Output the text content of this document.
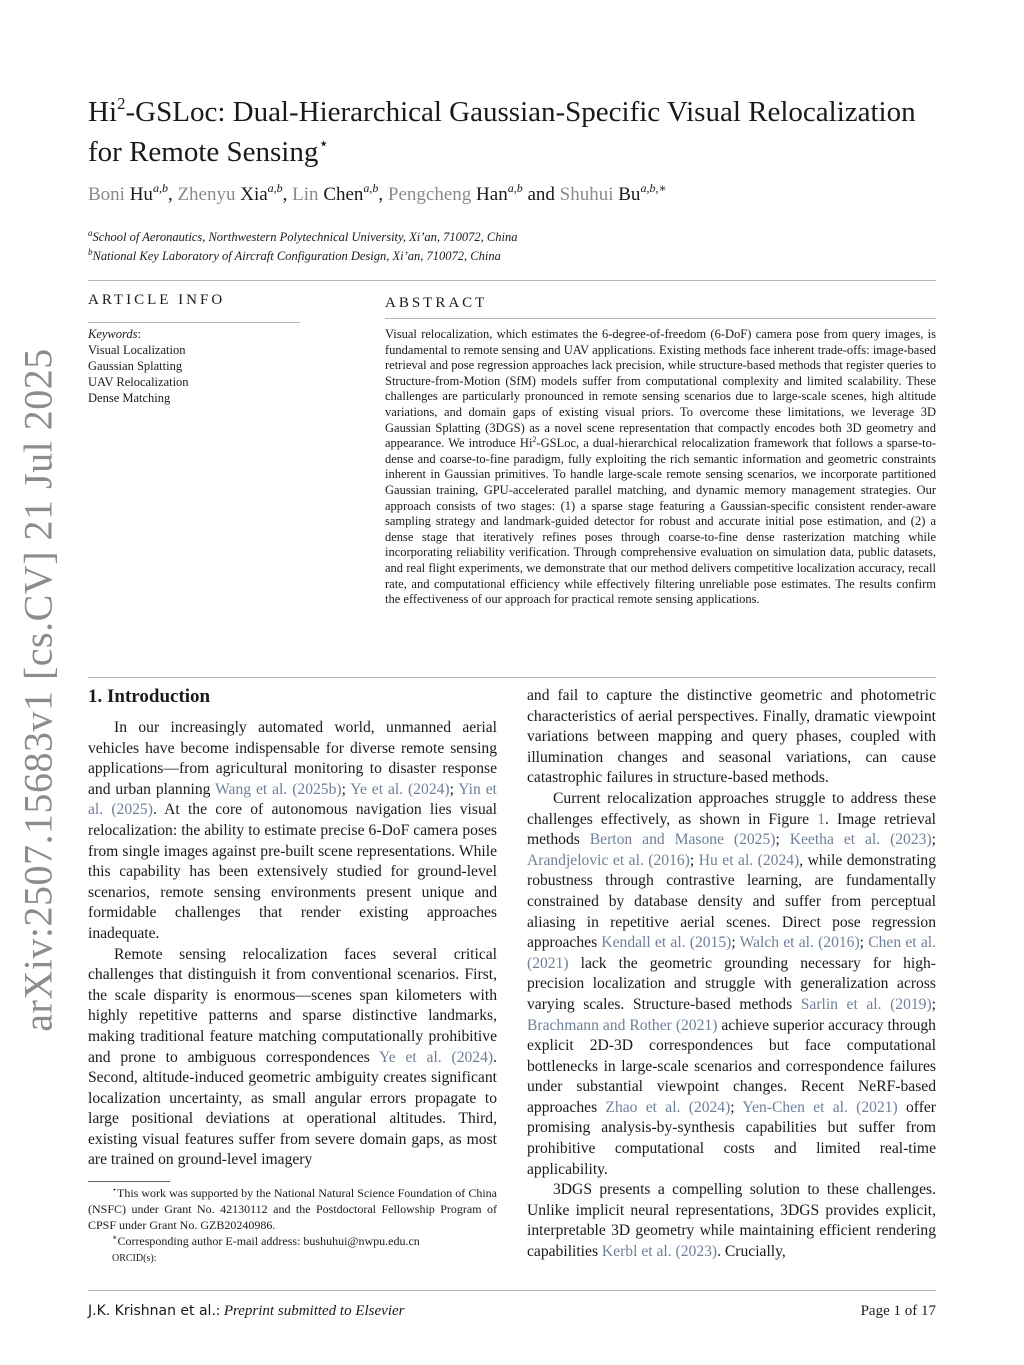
arXiv:2507.15683v1 [cs.CV] 21 Jul 2025
Hi$^2$-GSLoc: Dual-Hierarchical Gaussian-Specific Visual Relocalization
for Remote Sensing⋆
Boni Hu$^{a,b}$, Zhenyu Xia$^{a,b}$, Lin Chen$^{a,b}$, Pengcheng Han$^{a,b}$ and Shuhui $Bu^{a,b,∗}$
$^a$School of Aeronautics, Northwestern Polytechnical University, Xi’an, 710072, China
$^b$National Key Laboratory of Aircraft Configuration Design, Xi’an, 710072, China
ARTICLE INFO
Keywords:
Visual Localization
Gaussian Splatting
UAV Relocalization
Dense Matching
ABSTRACT

Visual relocalization, which estimates the 6-degree-of-freedom (6-DoF) camera pose from query images, is fundamental to remote sensing and UAV applications. Existing methods face inherent trade-offs: image-based retrieval and pose regression approaches lack precision, while structure-based methods that register queries to Structure-from-Motion (SfM) models suffer from computational complexity and limited scalability. These challenges are particularly pronounced in remote sensing scenarios due to large-scale scenes, high altitude variations, and domain gaps of existing visual priors. To overcome these limitations, we leverage 3D Gaussian Splatting (3DGS) as a novel scene representation that compactly encodes both 3D geometry and appearance. We introduce Hi$^2$-GSLoc, a dual-hierarchical relocalization framework that follows a sparse-to-dense and coarse-to-fine paradigm, fully exploiting the rich semantic information and geometric constraints inherent in Gaussian primitives. To handle large-scale remote sensing scenarios, we incorporate partitioned Gaussian training, GPU-accelerated parallel matching, and dynamic memory management strategies. Our approach consists of two stages: (1) a sparse stage featuring a Gaussian-specific consistent render-aware sampling strategy and landmark-guided detector for robust and accurate initial pose estimation, and (2) a dense stage that iteratively refines poses through coarse-to-fine dense rasterization matching while incorporating reliability verification. Through comprehensive evaluation on simulation data, public datasets, and real flight experiments, we demonstrate that our method delivers competitive localization accuracy, recall rate, and computational efficiency while effectively filtering unreliable pose estimates. The results confirm the effectiveness of our approach for practical remote sensing applications.

1. Introduction

In our increasingly automated world, unmanned aerial vehicles have become indispensable for diverse remote sensing applications—from agricultural monitoring to disaster response and urban planning Wang et al. (2025b); Ye et al. (2024); Yin et al. (2025). At the core of autonomous navigation lies visual relocalization: the ability to estimate precise 6-DoF camera poses from single images against pre-built scene representations. While this capability has been extensively studied for ground-level scenarios, remote sensing environments present unique and formidable challenges that render existing approaches inadequate.

Remote sensing relocalization faces several critical challenges that distinguish it from conventional scenarios. First, the scale disparity is enormous—scenes span kilometers with highly repetitive patterns and sparse distinctive landmarks, making traditional feature matching computationally prohibitive and prone to ambiguous correspondences Ye et al. (2024). Second, altitude-induced geometric ambiguity creates significant localization uncertainty, as small angular errors propagate to large positional deviations at operational altitudes. Third, existing visual features suffer from severe domain gaps, as most are trained on ground-level imagery

and fail to capture the distinctive geometric and photometric characteristics of aerial perspectives. Finally, dramatic viewpoint variations between mapping and query phases, coupled with illumination changes and seasonal variations, can cause catastrophic failures in structure-based methods.

Current relocalization approaches struggle to address these challenges effectively, as shown in Figure 1. Image retrieval methods Berton and Masone (2025); Keetha et al. (2023); Arandjelovic et al. (2016); Hu et al. (2024), while demonstrating robustness through contrastive learning, are fundamentally constrained by database density and suffer from perceptual aliasing in repetitive aerial scenes. Direct pose regression approaches Kendall et al. (2015); Walch et al. (2016); Chen et al. (2021) lack the geometric grounding necessary for high-precision localization and struggle with generalization across varying scales. Structure-based methods Sarlin et al. (2019); Brachmann and Rother (2021) achieve superior accuracy through explicit 2D-3D correspondences but face computational bottlenecks in large-scale scenarios and correspondence failures under substantial viewpoint changes. Recent NeRF-based approaches Zhao et al. (2024); Yen-Chen et al. (2021) offer promising analysis-by-synthesis capabilities but suffer from prohibitive computational costs and limited real-time applicability.

3DGS presents a compelling solution to these challenges. Unlike implicit neural representations, 3DGS provides explicit, interpretable 3D geometry while maintaining efficient rendering capabilities Kerbl et al. (2023). Crucially,

⋆This work was supported by the National Natural Science Foundation of China (NSFC) under Grant No. 42130112 and the Postdoctoral Fellowship Program of CPSF under Grant No. GZB20240986.

∗Corresponding author E-mail address: bushuhui@nwpu.edu.cn

ORCID(s):

J.K. Krishnan et al.: Preprint submitted to Elsevier	Page 1 of 17
